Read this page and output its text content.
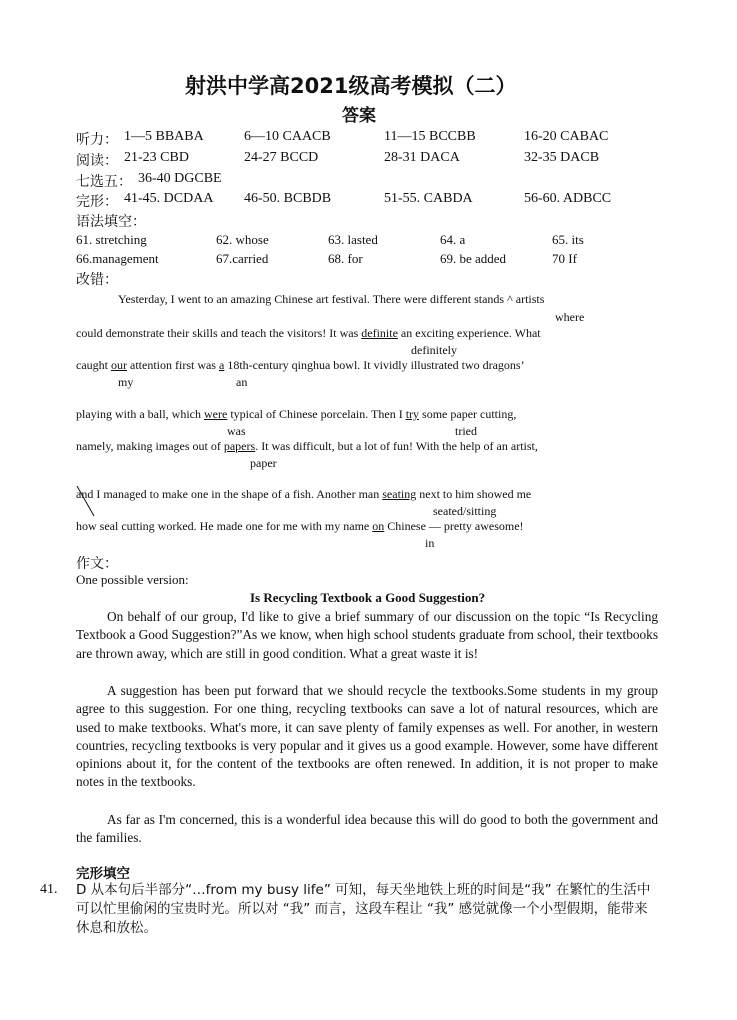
射洪中学高2021级高考模拟（二）
答案
听力： 1—5 BBABA	6—10 CAACB	11—15 BCCBB	16-20 CABAC
阅读： 21-23 CBD	24-27 BCCD	28-31 DACA	32-35 DACB
七选五： 36-40 DGCBE
完形： 41-45. DCDAA 46-50. BCBDB	51-55. CABDA	56-60. ADBCC
语法填空：
61. stretching	62. whose	63. lasted	64. a	65. its
66.management	67.carried	68. for	69. be added	70 If
改错：
Yesterday, I went to an amazing Chinese art festival. There were different stands ^ artists
where
could demonstrate their skills and teach the visitors! It was definite an exciting experience. What
definitely
caught our attention first was a 18th-century qinghua bowl. It vividly illustrated two dragons’
my	an
playing with a ball, which were typical of Chinese porcelain. Then I try some paper cutting,
was	tried
namely, making images out of papers. It was difficult, but a lot of fun! With the help of an artist,
paper
and I managed to make one in the shape of a fish. Another man seating next to him showed me
seated/sitting
how seal cutting worked. He made one for me with my name on Chinese — pretty awesome!
in
作文：
One possible version:
Is Recycling Textbook a Good Suggestion?
On behalf of our group, I'd like to give a brief summary of our discussion on the topic “Is Recycling Textbook a Good Suggestion?”As we know, when high school students graduate from school, their textbooks are thrown away, which are still in good condition. What a great waste it is!
A suggestion has been put forward that we should recycle the textbooks.Some students in my group agree to this suggestion. For one thing, recycling textbooks can save a lot of natural resources, which are used to make textbooks. What's more, it can save plenty of family expenses as well. For another, in western countries, recycling textbooks is very popular and it gives us a good example. However, some have different opinions about it, for the content of the textbooks are often renewed. In addition, it is not proper to make notes in the textbooks.
As far as I'm concerned, this is a wonderful idea because this will do good to both the government and the families.
完形填空
41. D 从本句后半部分“…from my busy life” 可知，每天坐地铁上班的时间是“我” 在繁忙的生活中可以忙里偷闲的宝贵时光。所以对 “我” 而言，这段车程让 “我” 感觉就像一个小型假期，能带来休息和放松。
